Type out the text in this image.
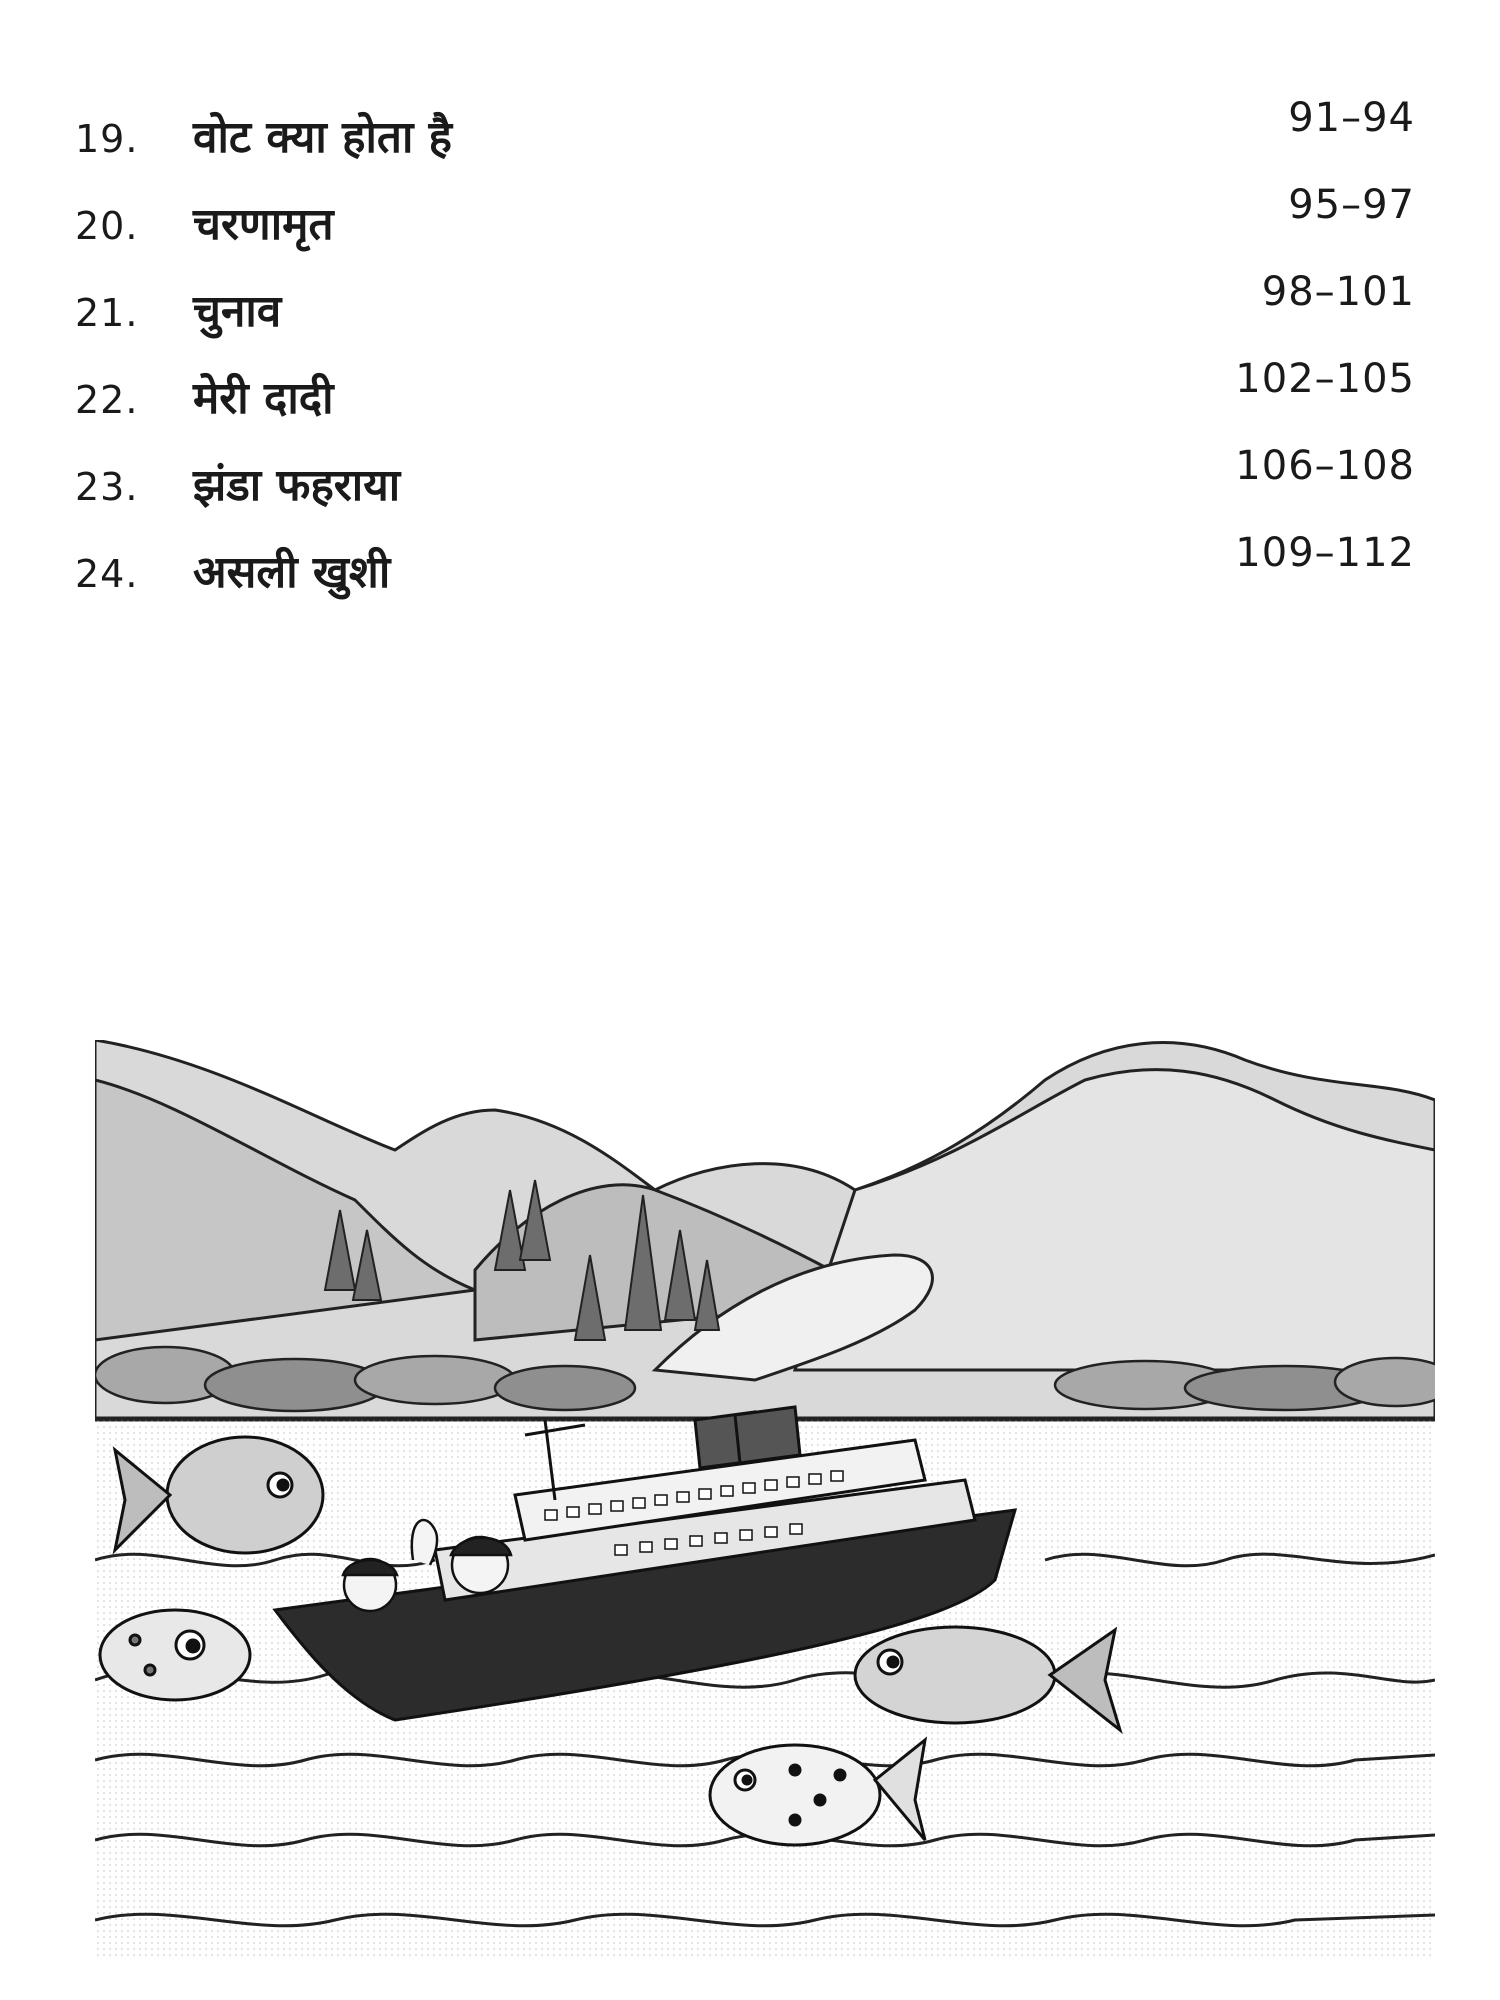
19. वोट क्या होता है	91–94
20. चरणामृत	95–97
21. चुनाव	98–101
22. मेरी दादी	102–105
23. झंडा फहराया	106–108
24. असली खुशी	109–112
